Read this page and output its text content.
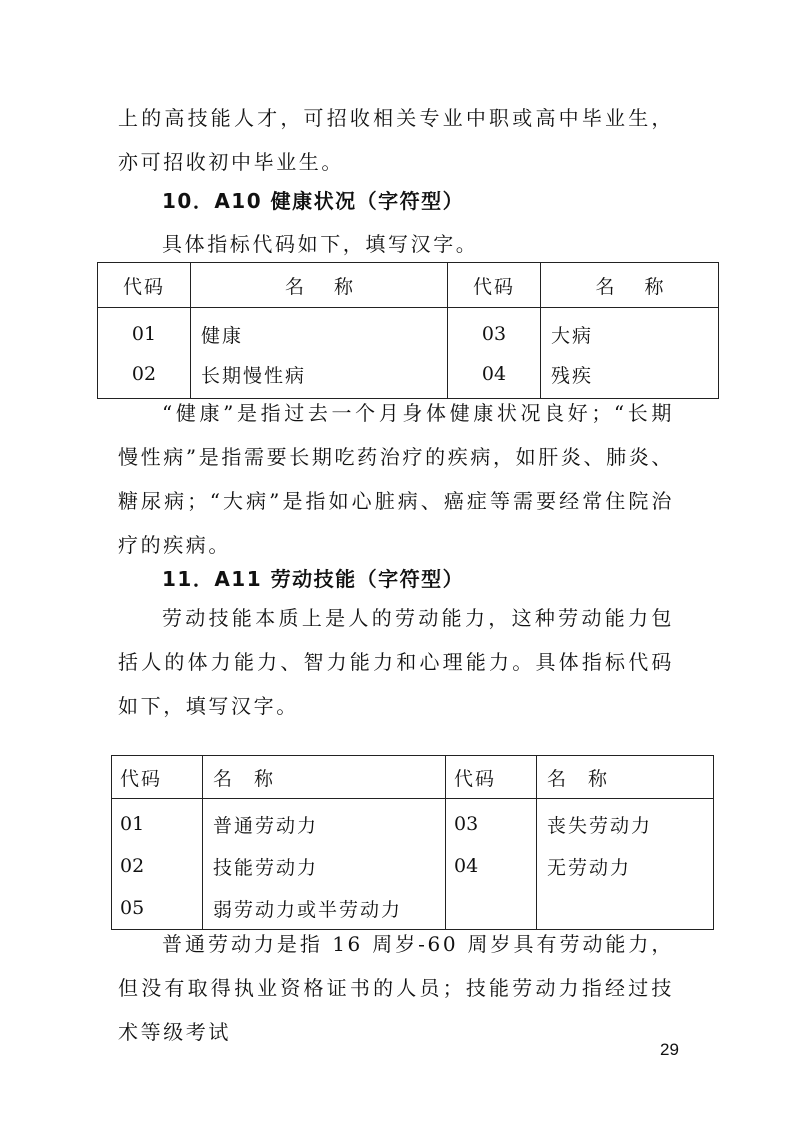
上的高技能人才，可招收相关专业中职或高中毕业生，亦可招收初中毕业生。

10．A10 健康状况（字符型）

具体指标代码如下，填写汉字。

代码	名称	代码	名称
01	健康	03	大病
02	长期慢性病	04	残疾

“健康”是指过去一个月身体健康状况良好；“长期慢性病”是指需要长期吃药治疗的疾病，如肝炎、肺炎、糖尿病；“大病”是指如心脏病、癌症等需要经常住院治疗的疾病。

11．A11 劳动技能（字符型）

劳动技能本质上是人的劳动能力，这种劳动能力包括人的体力能力、智力能力和心理能力。具体指标代码如下，填写汉字。

代码	名称	代码	名称
01	普通劳动力	03	丧失劳动力
02	技能劳动力	04	无劳动力
05	弱劳动力或半劳动力		

普通劳动力是指 16 周岁-60 周岁具有劳动能力，但没有取得执业资格证书的人员；技能劳动力指经过技术等级考试

29
